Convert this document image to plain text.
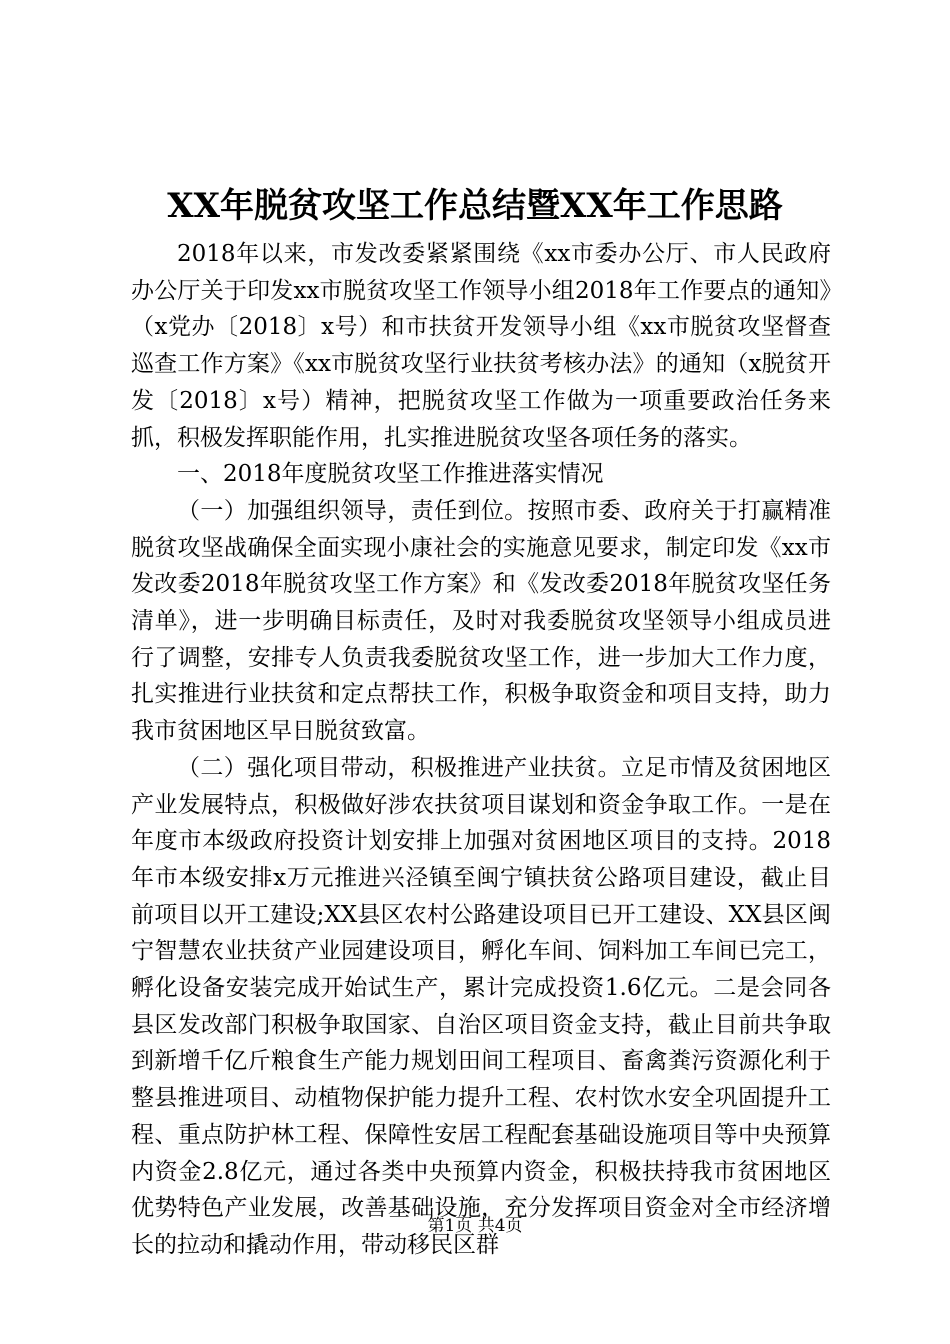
XX年脱贫攻坚工作总结暨XX年工作思路

2018年以来，市发改委紧紧围绕《xx市委办公厅、市人民政府办公厅关于印发xx市脱贫攻坚工作领导小组2018年工作要点的通知》（x党办〔2018〕x号）和市扶贫开发领导小组《xx市脱贫攻坚督查巡查工作方案》《xx市脱贫攻坚行业扶贫考核办法》的通知（x脱贫开发〔2018〕x号）精神，把脱贫攻坚工作做为一项重要政治任务来抓，积极发挥职能作用，扎实推进脱贫攻坚各项任务的落实。

一、2018年度脱贫攻坚工作推进落实情况

（一）加强组织领导，责任到位。按照市委、政府关于打赢精准脱贫攻坚战确保全面实现小康社会的实施意见要求，制定印发《xx市发改委2018年脱贫攻坚工作方案》和《发改委2018年脱贫攻坚任务清单》，进一步明确目标责任，及时对我委脱贫攻坚领导小组成员进行了调整，安排专人负责我委脱贫攻坚工作，进一步加大工作力度，扎实推进行业扶贫和定点帮扶工作，积极争取资金和项目支持，助力我市贫困地区早日脱贫致富。

（二）强化项目带动，积极推进产业扶贫。立足市情及贫困地区产业发展特点，积极做好涉农扶贫项目谋划和资金争取工作。一是在年度市本级政府投资计划安排上加强对贫困地区项目的支持。2018年市本级安排x万元推进兴泾镇至闽宁镇扶贫公路项目建设，截止目前项目以开工建设;XX县区农村公路建设项目已开工建设、XX县区闽宁智慧农业扶贫产业园建设项目，孵化车间、饲料加工车间已完工，孵化设备安装完成开始试生产，累计完成投资1.6亿元。二是会同各县区发改部门积极争取国家、自治区项目资金支持，截止目前共争取到新增千亿斤粮食生产能力规划田间工程项目、畜禽粪污资源化利于整县推进项目、动植物保护能力提升工程、农村饮水安全巩固提升工程、重点防护林工程、保障性安居工程配套基础设施项目等中央预算内资金2.8亿元，通过各类中央预算内资金，积极扶持我市贫困地区优势特色产业发展，改善基础设施，充分发挥项目资金对全市经济增长的拉动和撬动作用，带动移民区群

第1页 共4页
